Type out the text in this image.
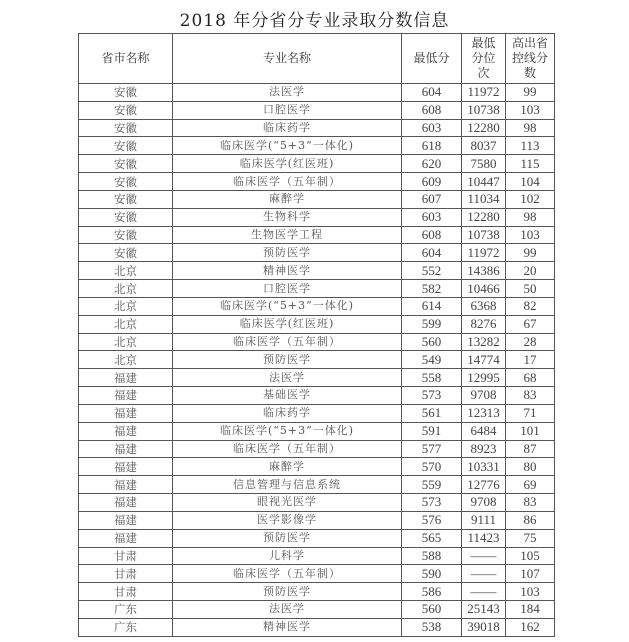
2018 年分省分专业录取分数信息
省市名称	专业名称	最低分	最低分位次	高出省控线分数
安徽	法医学	604	11972	99
安徽	口腔医学	608	10738	103
安徽	临床药学	603	12280	98
安徽	临床医学(“5+3”一体化)	618	8037	113
安徽	临床医学(红医班)	620	7580	115
安徽	临床医学（五年制）	609	10447	104
安徽	麻醉学	607	11034	102
安徽	生物科学	603	12280	98
安徽	生物医学工程	608	10738	103
安徽	预防医学	604	11972	99
北京	精神医学	552	14386	20
北京	口腔医学	582	10466	50
北京	临床医学(“5+3”一体化)	614	6368	82
北京	临床医学(红医班)	599	8276	67
北京	临床医学（五年制）	560	13282	28
北京	预防医学	549	14774	17
福建	法医学	558	12995	68
福建	基础医学	573	9708	83
福建	临床药学	561	12313	71
福建	临床医学(“5+3”一体化)	591	6484	101
福建	临床医学（五年制）	577	8923	87
福建	麻醉学	570	10331	80
福建	信息管理与信息系统	559	12776	69
福建	眼视光医学	573	9708	83
福建	医学影像学	576	9111	86
福建	预防医学	565	11423	75
甘肃	儿科学	588	——	105
甘肃	临床医学（五年制）	590	——	107
甘肃	预防医学	586	——	103
广东	法医学	560	25143	184
广东	精神医学	538	39018	162
